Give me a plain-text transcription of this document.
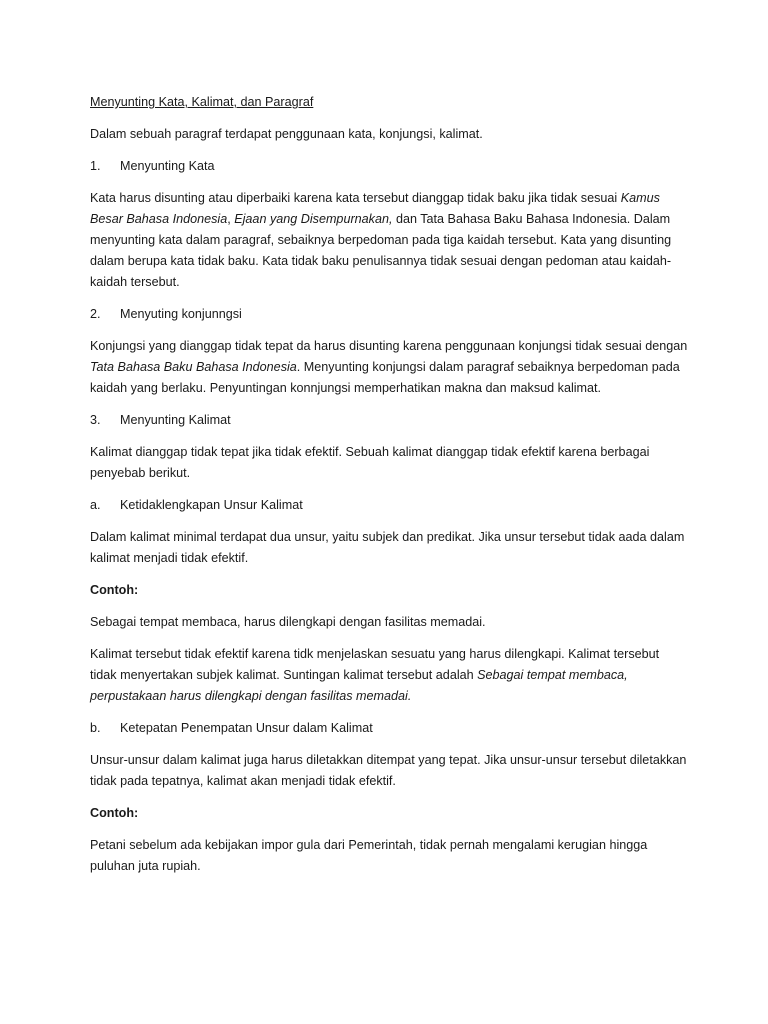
Menyunting Kata, Kalimat, dan Paragraf

Dalam sebuah paragraf terdapat penggunaan kata, konjungsi, kalimat.

1. Menyunting Kata

Kata harus disunting atau diperbaiki karena kata tersebut dianggap tidak baku jika tidak sesuai Kamus Besar Bahasa Indonesia, Ejaan yang Disempurnakan, dan Tata Bahasa Baku Bahasa Indonesia. Dalam menyunting kata dalam paragraf, sebaiknya berpedoman pada tiga kaidah tersebut. Kata yang disunting dalam berupa kata tidak baku. Kata tidak baku penulisannya tidak sesuai dengan pedoman atau kaidah-kaidah tersebut.

2. Menyuting konjunngsi

Konjungsi yang dianggap tidak tepat da harus disunting karena penggunaan konjungsi tidak sesuai dengan Tata Bahasa Baku Bahasa Indonesia. Menyunting konjungsi dalam paragraf sebaiknya berpedoman pada kaidah yang berlaku. Penyuntingan konnjungsi memperhatikan makna dan maksud kalimat.

3. Menyunting Kalimat

Kalimat dianggap tidak tepat jika tidak efektif. Sebuah kalimat dianggap tidak efektif karena berbagai penyebab berikut.

a. Ketidaklengkapan Unsur Kalimat

Dalam kalimat minimal terdapat dua unsur, yaitu subjek dan predikat. Jika unsur tersebut tidak aada dalam kalimat menjadi tidak efektif.

Contoh:

Sebagai tempat membaca, harus dilengkapi dengan fasilitas memadai.

Kalimat tersebut tidak efektif karena tidk menjelaskan sesuatu yang harus dilengkapi. Kalimat tersebut tidak menyertakan subjek kalimat. Suntingan kalimat tersebut adalah Sebagai tempat membaca, perpustakaan harus dilengkapi dengan fasilitas memadai.

b. Ketepatan Penempatan Unsur dalam Kalimat

Unsur-unsur dalam kalimat juga harus diletakkan ditempat yang tepat. Jika unsur-unsur tersebut diletakkan tidak pada tepatnya, kalimat akan menjadi tidak efektif.

Contoh:

Petani sebelum ada kebijakan impor gula dari Pemerintah, tidak pernah mengalami kerugian hingga puluhan juta rupiah.
